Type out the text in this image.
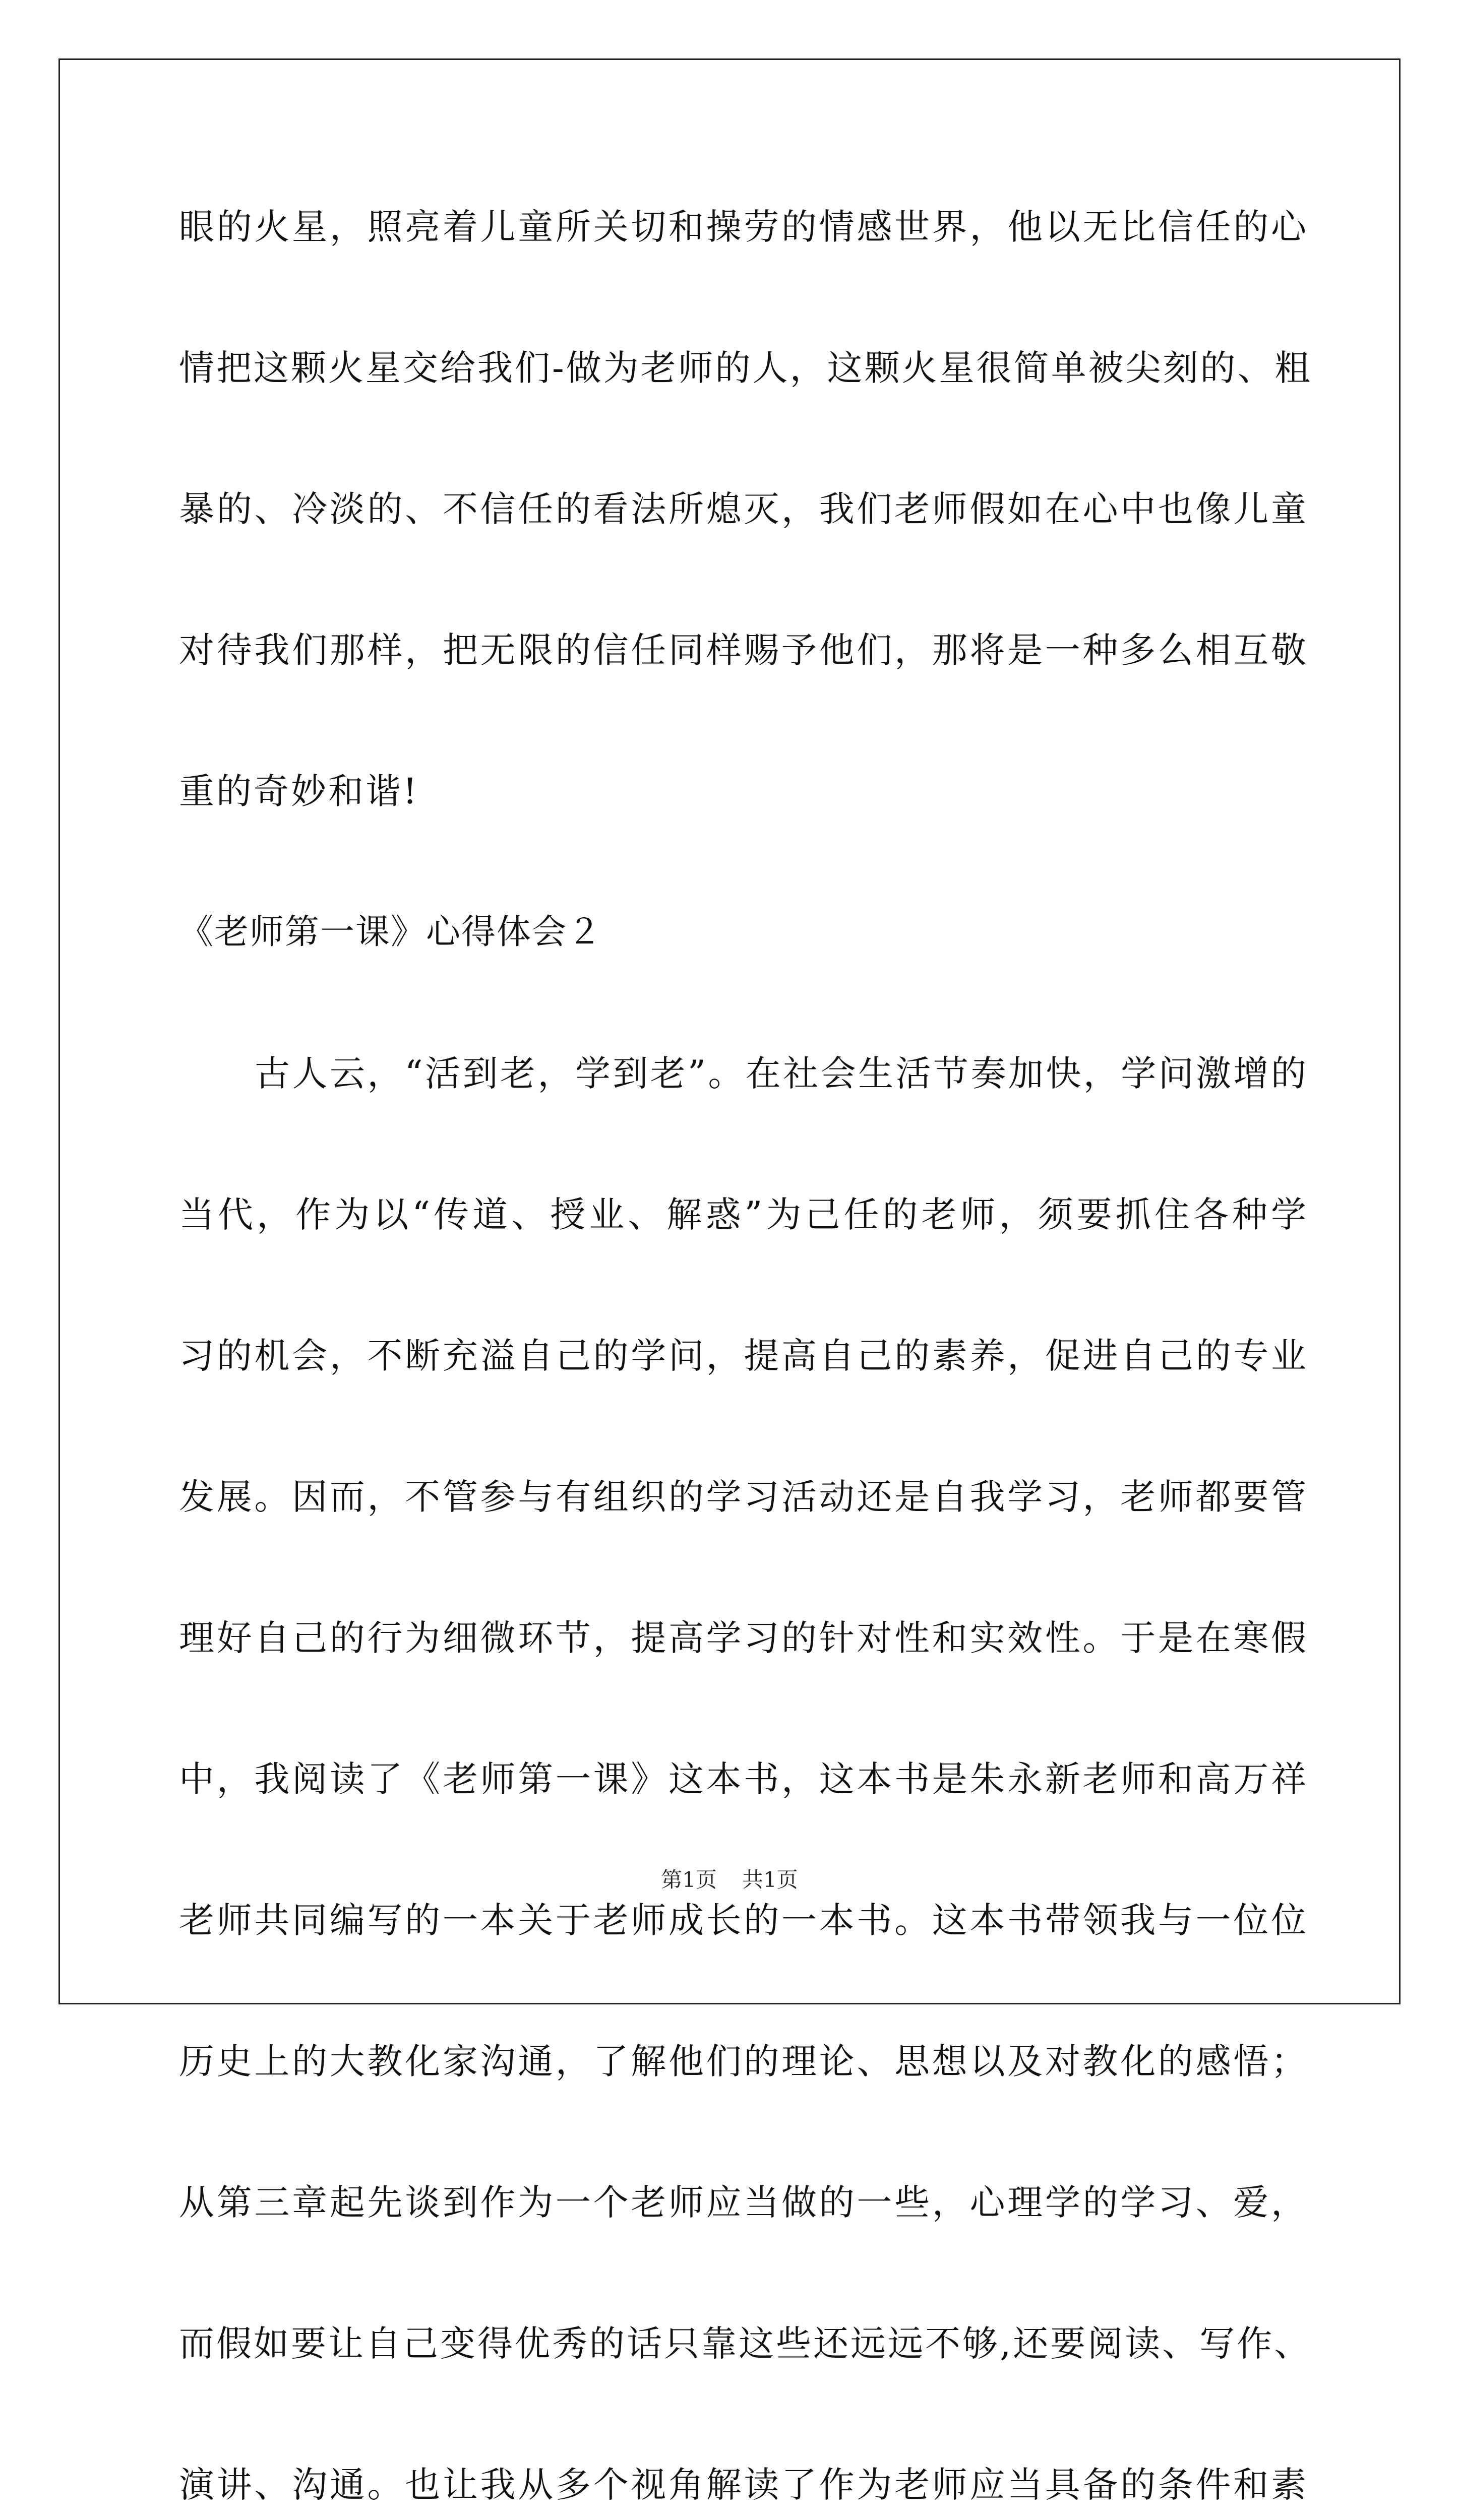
眼的火星，照亮着儿童所关切和操劳的情感世界，他以无比信任的心
情把这颗火星交给我们-做为老师的人，这颗火星很简单被尖刻的、粗
暴的、冷淡的、不信任的看法所熄灭，我们老师假如在心中也像儿童
对待我们那样，把无限的信任同样赐予他们，那将是一种多么相互敬
重的奇妙和谐!
《老师第一课》心得体会２
古人云，“活到老，学到老”。在社会生活节奏加快，学问激增的
当代，作为以“传道、授业、解惑”为己任的老师，须要抓住各种学
习的机会，不断充溢自己的学问，提高自己的素养，促进自己的专业
发展。因而，不管参与有组织的学习活动还是自我学习，老师都要管
理好自己的行为细微环节，提高学习的针对性和实效性。于是在寒假
中，我阅读了《老师第一课》这本书，这本书是朱永新老师和高万祥
老师共同编写的一本关于老师成长的一本书。这本书带领我与一位位
历史上的大教化家沟通，了解他们的理论、思想以及对教化的感悟；
从第三章起先谈到作为一个老师应当做的一些，心理学的学习、爱，
而假如要让自己变得优秀的话只靠这些还远远不够,还要阅读、写作、
演讲、沟通。也让我从多个视角解读了作为老师应当具备的条件和素
第1页 共1页
